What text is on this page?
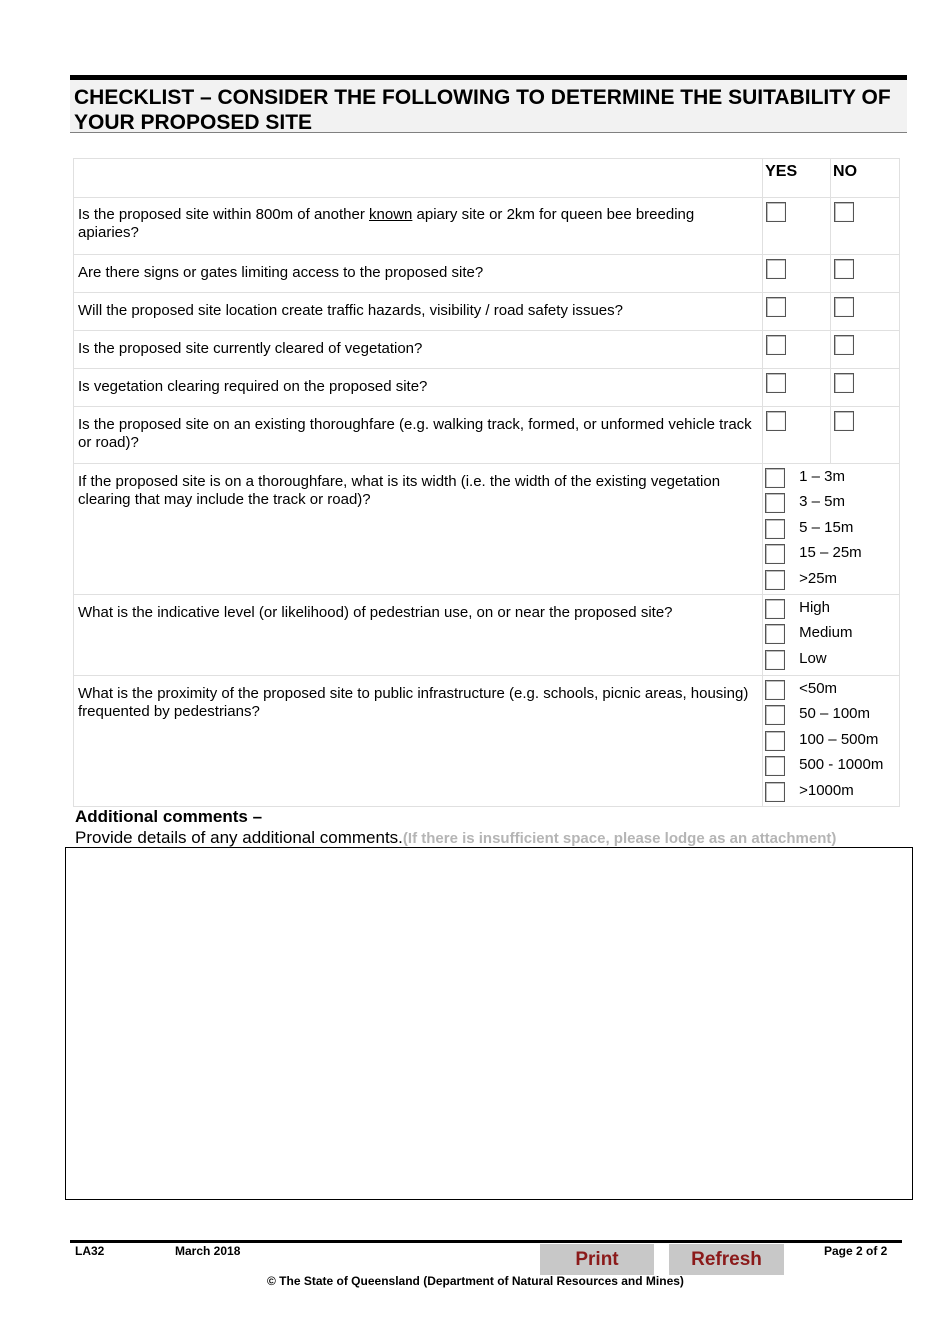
CHECKLIST – CONSIDER THE FOLLOWING TO DETERMINE THE SUITABILITY OF YOUR PROPOSED SITE

	YES	NO

Is the proposed site within 800m of another known apiary site or 2km for queen bee breeding apiaries?		

Are there signs or gates limiting access to the proposed site?		

Will the proposed site location create traffic hazards, visibility / road safety issues?		

Is the proposed site currently cleared of vegetation?		

Is vegetation clearing required on the proposed site?		

Is the proposed site on an existing thoroughfare (e.g. walking track, formed, or unformed vehicle track or road)?		

If the proposed site is on a thoroughfare, what is its width (i.e. the width of the existing vegetation clearing that may include the track or road)?	1 – 3m
3 – 5m
5 – 15m
15 – 25m
>25m	

What is the indicative level (or likelihood) of pedestrian use, on or near the proposed site?	High
Medium
Low	

What is the proximity of the proposed site to public infrastructure (e.g. schools, picnic areas, housing) frequented by pedestrians?	<50m
50 – 100m
100 – 500m
500 - 1000m
>1000m	
Additional comments –
Provide details of any additional comments.(If there is insufficient space, please lodge as an attachment)
LA32	March 2018	Print	Refresh	Page 2 of 2
© The State of Queensland (Department of Natural Resources and Mines)
